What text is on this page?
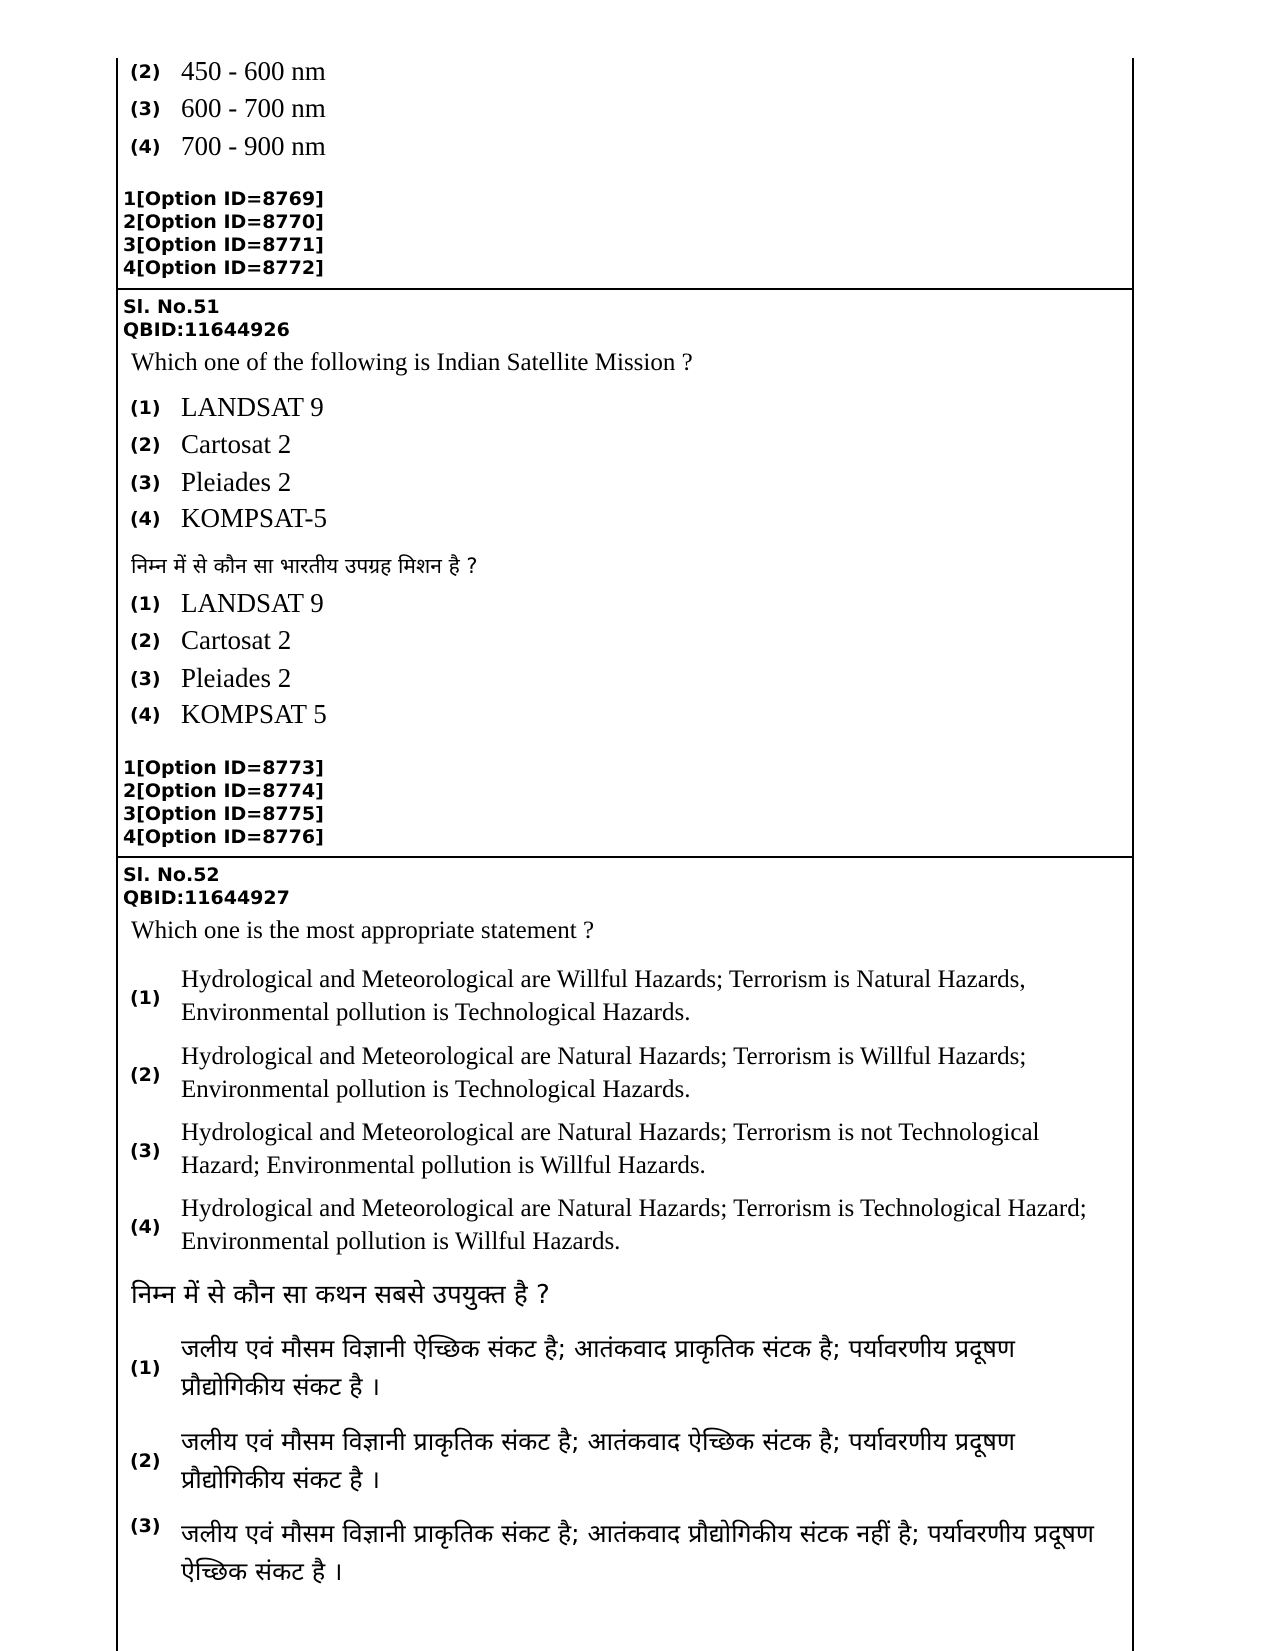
(2) 450 - 600 nm
(3) 600 - 700 nm
(4) 700 - 900 nm
1[Option ID=8769]
2[Option ID=8770]
3[Option ID=8771]
4[Option ID=8772]
Sl. No.51
QBID:11644926
Which one of the following is Indian Satellite Mission ?
(1) LANDSAT 9
(2) Cartosat 2
(3) Pleiades 2
(4) KOMPSAT-5
निम्न में से कौन सा भारतीय उपग्रह मिशन है ?
(1) LANDSAT 9
(2) Cartosat 2
(3) Pleiades 2
(4) KOMPSAT 5
1[Option ID=8773]
2[Option ID=8774]
3[Option ID=8775]
4[Option ID=8776]
Sl. No.52
QBID:11644927
Which one is the most appropriate statement ?
(1)
Hydrological and Meteorological are Willful Hazards; Terrorism is Natural Hazards, Environmental pollution is Technological Hazards.
(2)
Hydrological and Meteorological are Natural Hazards; Terrorism is Willful Hazards; Environmental pollution is Technological Hazards.
(3)
Hydrological and Meteorological are Natural Hazards; Terrorism is not Technological Hazard; Environmental pollution is Willful Hazards.
(4)
Hydrological and Meteorological are Natural Hazards; Terrorism is Technological Hazard; Environmental pollution is Willful Hazards.
निम्न में से कौन सा कथन सबसे उपयुक्त है ?
(1)
जलीय एवं मौसम विज्ञानी ऐच्छिक संकट है; आतंकवाद प्राकृतिक संटक है; पर्यावरणीय प्रदूषण प्रौद्योगिकीय संकट है ।
(2)
जलीय एवं मौसम विज्ञानी प्राकृतिक संकट है; आतंकवाद ऐच्छिक संटक है; पर्यावरणीय प्रदूषण प्रौद्योगिकीय संकट है ।
(3) जलीय एवं मौसम विज्ञानी प्राकृतिक संकट है; आतंकवाद प्रौद्योगिकीय संटक नहीं है; पर्यावरणीय प्रदूषण ऐच्छिक संकट है ।
